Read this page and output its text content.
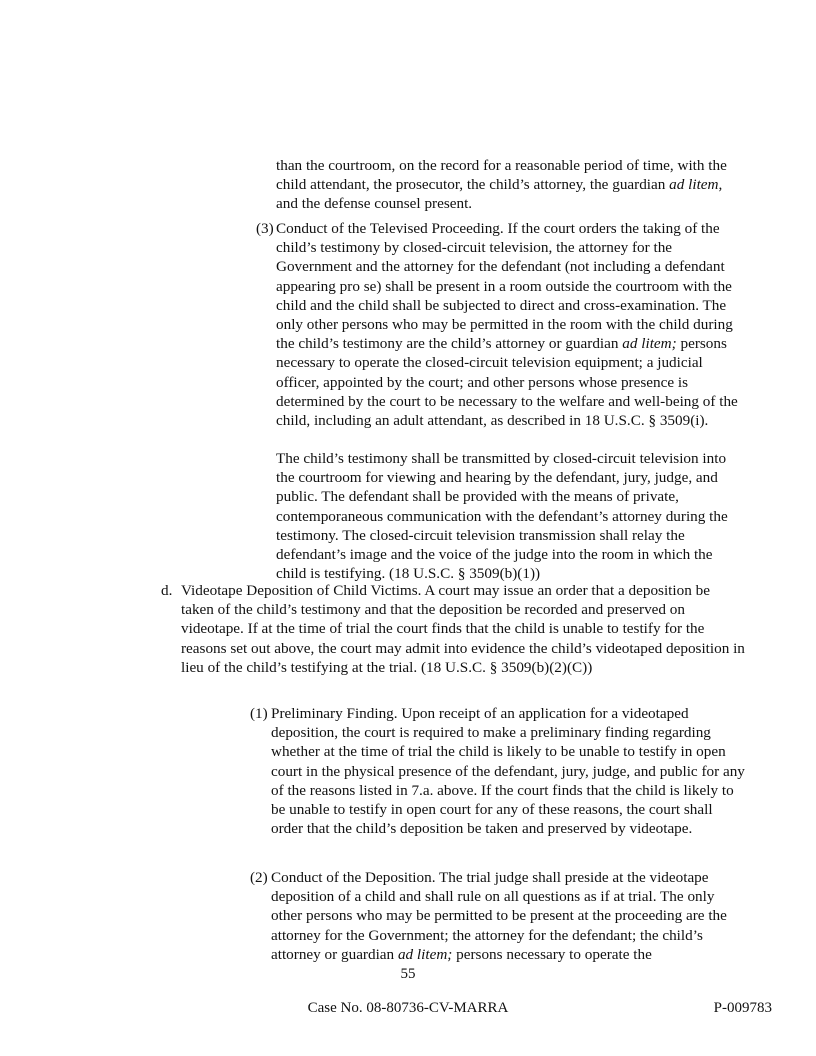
than the courtroom, on the record for a reasonable period of time, with the child attendant, the prosecutor, the child’s attorney, the guardian ad litem, and the defense counsel present.

(3) Conduct of the Televised Proceeding. If the court orders the taking of the child’s testimony by closed-circuit television, the attorney for the Government and the attorney for the defendant (not including a defendant appearing pro se) shall be present in a room outside the courtroom with the child and the child shall be subjected to direct and cross-examination. The only other persons who may be permitted in the room with the child during the child’s testimony are the child’s attorney or guardian ad litem; persons necessary to operate the closed-circuit television equipment; a judicial officer, appointed by the court; and other persons whose presence is determined by the court to be necessary to the welfare and well-being of the child, including an adult attendant, as described in 18 U.S.C. § 3509(i).

The child’s testimony shall be transmitted by closed-circuit television into the courtroom for viewing and hearing by the defendant, jury, judge, and public. The defendant shall be provided with the means of private, contemporaneous communication with the defendant’s attorney during the testimony. The closed-circuit television transmission shall relay the defendant’s image and the voice of the judge into the room in which the child is testifying. (18 U.S.C. § 3509(b)(1))

d. Videotape Deposition of Child Victims. A court may issue an order that a deposition be taken of the child’s testimony and that the deposition be recorded and preserved on videotape. If at the time of trial the court finds that the child is unable to testify for the reasons set out above, the court may admit into evidence the child’s videotaped deposition in lieu of the child’s testifying at the trial. (18 U.S.C. § 3509(b)(2)(C))

(1) Preliminary Finding. Upon receipt of an application for a videotaped deposition, the court is required to make a preliminary finding regarding whether at the time of trial the child is likely to be unable to testify in open court in the physical presence of the defendant, jury, judge, and public for any of the reasons listed in 7.a. above. If the court finds that the child is likely to be unable to testify in open court for any of these reasons, the court shall order that the child’s deposition be taken and preserved by videotape.

(2) Conduct of the Deposition. The trial judge shall preside at the videotape deposition of a child and shall rule on all questions as if at trial. The only other persons who may be permitted to be present at the proceeding are the attorney for the Government; the attorney for the defendant; the child’s attorney or guardian ad litem; persons necessary to operate the

55
Case No. 08-80736-CV-MARRA	P-009783
